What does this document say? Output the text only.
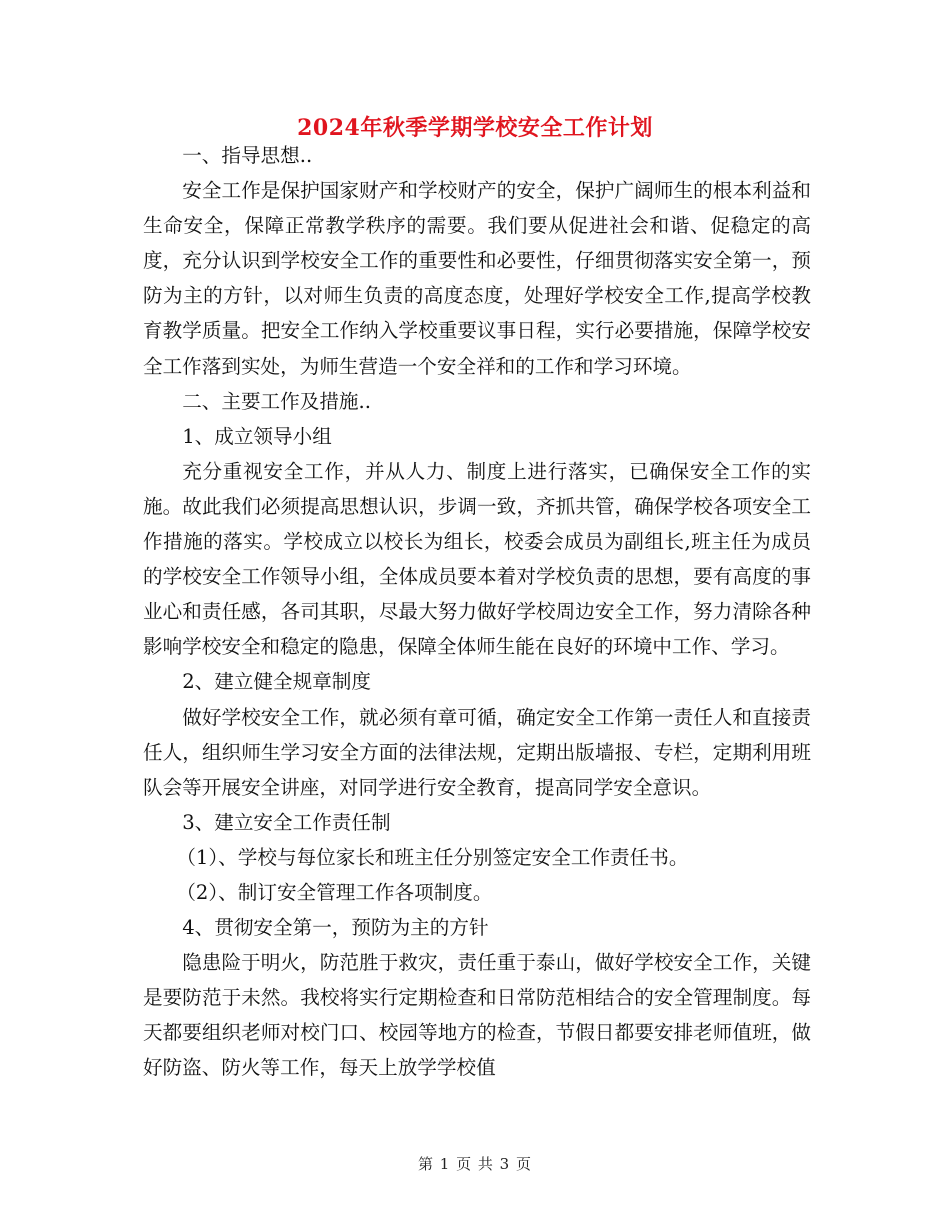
2024年秋季学期学校安全工作计划

一、指导思想..

安全工作是保护国家财产和学校财产的安全，保护广阔师生的根本利益和生命安全，保障正常教学秩序的需要。我们要从促进社会和谐、促稳定的高度，充分认识到学校安全工作的重要性和必要性，仔细贯彻落实安全第一，预防为主的方针，以对师生负责的高度态度，处理好学校安全工作,提高学校教育教学质量。把安全工作纳入学校重要议事日程，实行必要措施，保障学校安全工作落到实处，为师生营造一个安全祥和的工作和学习环境。

二、主要工作及措施..

1、成立领导小组

充分重视安全工作，并从人力、制度上进行落实，已确保安全工作的实施。故此我们必须提高思想认识，步调一致，齐抓共管，确保学校各项安全工作措施的落实。学校成立以校长为组长，校委会成员为副组长,班主任为成员的学校安全工作领导小组，全体成员要本着对学校负责的思想，要有高度的事业心和责任感，各司其职，尽最大努力做好学校周边安全工作，努力清除各种影响学校安全和稳定的隐患，保障全体师生能在良好的环境中工作、学习。

2、建立健全规章制度

做好学校安全工作，就必须有章可循，确定安全工作第一责任人和直接责任人，组织师生学习安全方面的法律法规，定期出版墙报、专栏，定期利用班队会等开展安全讲座，对同学进行安全教育，提高同学安全意识。

3、建立安全工作责任制

（1）、学校与每位家长和班主任分别签定安全工作责任书。

（2）、制订安全管理工作各项制度。

4、贯彻安全第一，预防为主的方针

隐患险于明火，防范胜于救灾，责任重于泰山，做好学校安全工作，关键是要防范于未然。我校将实行定期检查和日常防范相结合的安全管理制度。每天都要组织老师对校门口、校园等地方的检查，节假日都要安排老师值班，做好防盗、防火等工作，每天上放学学校值

第 1 页 共 3 页
